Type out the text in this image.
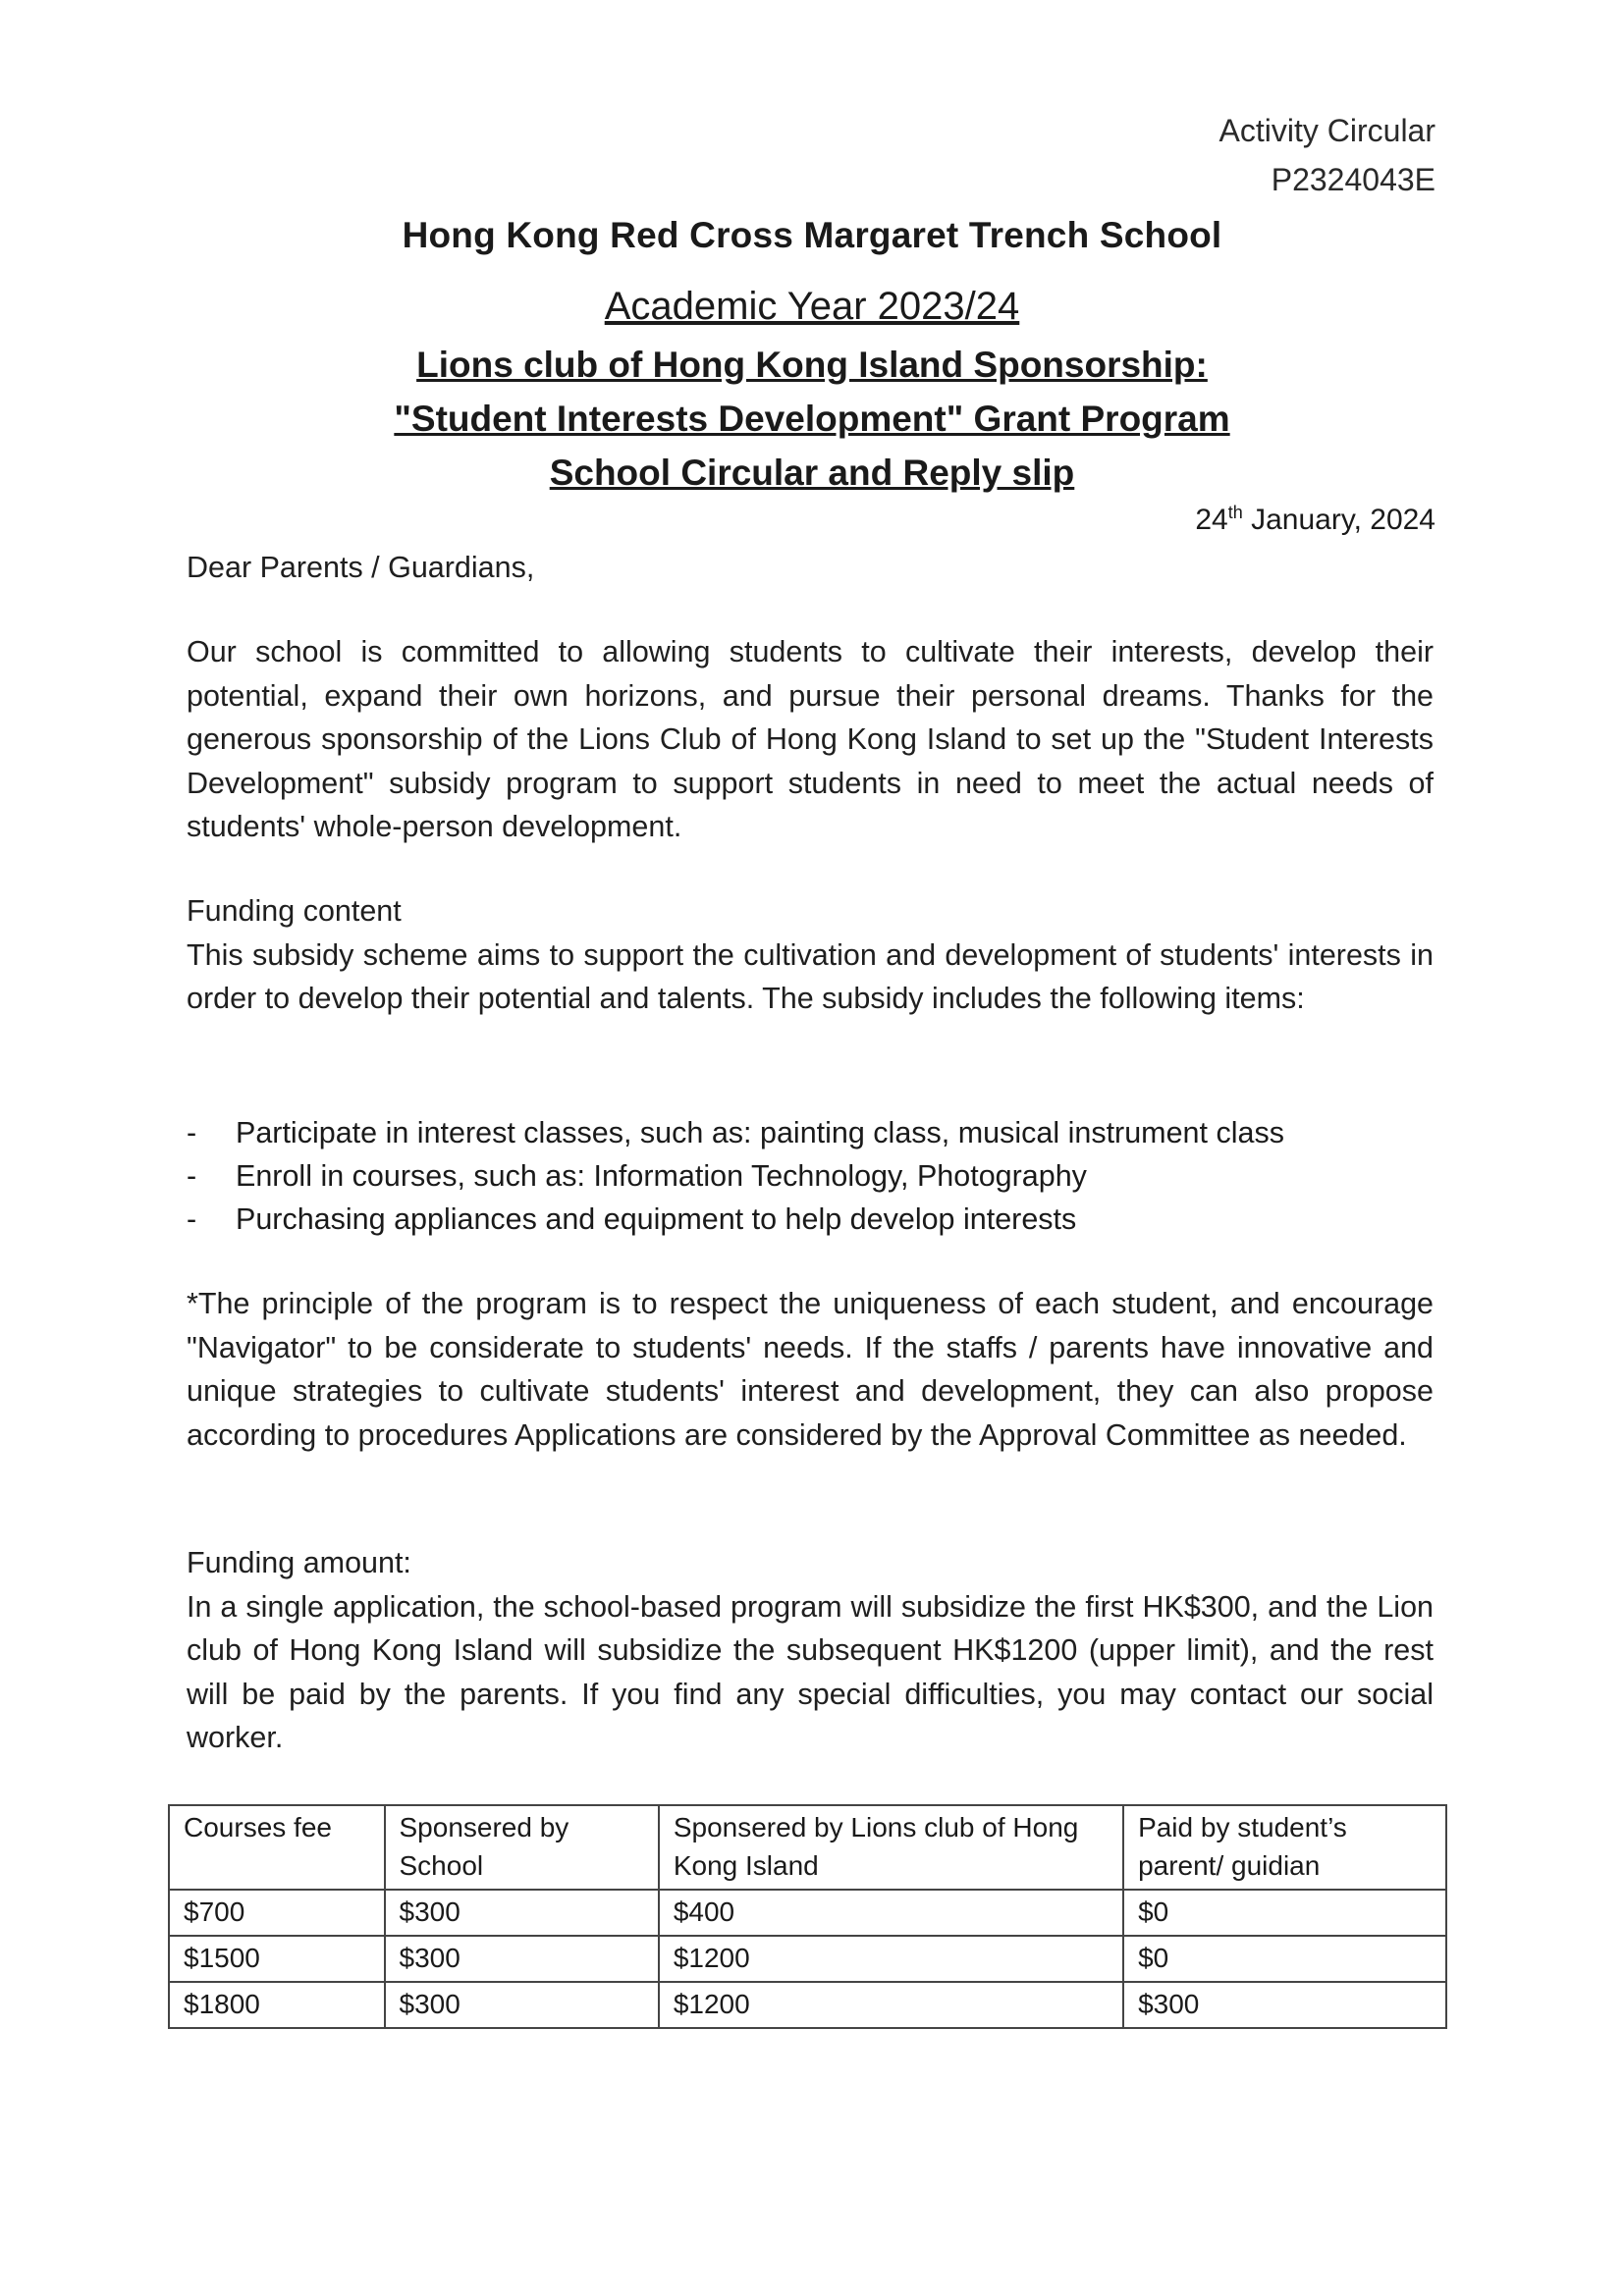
Activity Circular
P2324043E

Hong Kong Red Cross Margaret Trench School

Academic Year 2023/24

Lions club of Hong Kong Island Sponsorship:

"Student Interests Development" Grant Program

School Circular and Reply slip

24th January, 2024
Dear Parents / Guardians,

Our school is committed to allowing students to cultivate their interests, develop their potential, expand their own horizons, and pursue their personal dreams. Thanks for the generous sponsorship of the Lions Club of Hong Kong Island to set up the "Student Interests Development" subsidy program to support students in need to meet the actual needs of students' whole-person development.

Funding content

This subsidy scheme aims to support the cultivation and development of students' interests in order to develop their potential and talents. The subsidy includes the following items:

-	Participate in interest classes, such as: painting class, musical instrument class
-	Enroll in courses, such as: Information Technology, Photography
-	Purchasing appliances and equipment to help develop interests

*The principle of the program is to respect the uniqueness of each student, and encourage "Navigator" to be considerate to students' needs. If the staffs / parents have innovative and unique strategies to cultivate students' interest and development, they can also propose according to procedures Applications are considered by the Approval Committee as needed.

Funding amount:

In a single application, the school-based program will subsidize the first HK$300, and the Lion club of Hong Kong Island will subsidize the subsequent HK$1200 (upper limit), and the rest will be paid by the parents. If you find any special difficulties, you may contact our social worker.

Courses fee	Sponsered by School	Sponsered by Lions club of Hong Kong Island	Paid by student’s parent/ guidian
$700	$300	$400	$0
$1500	$300	$1200	$0
$1800	$300	$1200	$300
